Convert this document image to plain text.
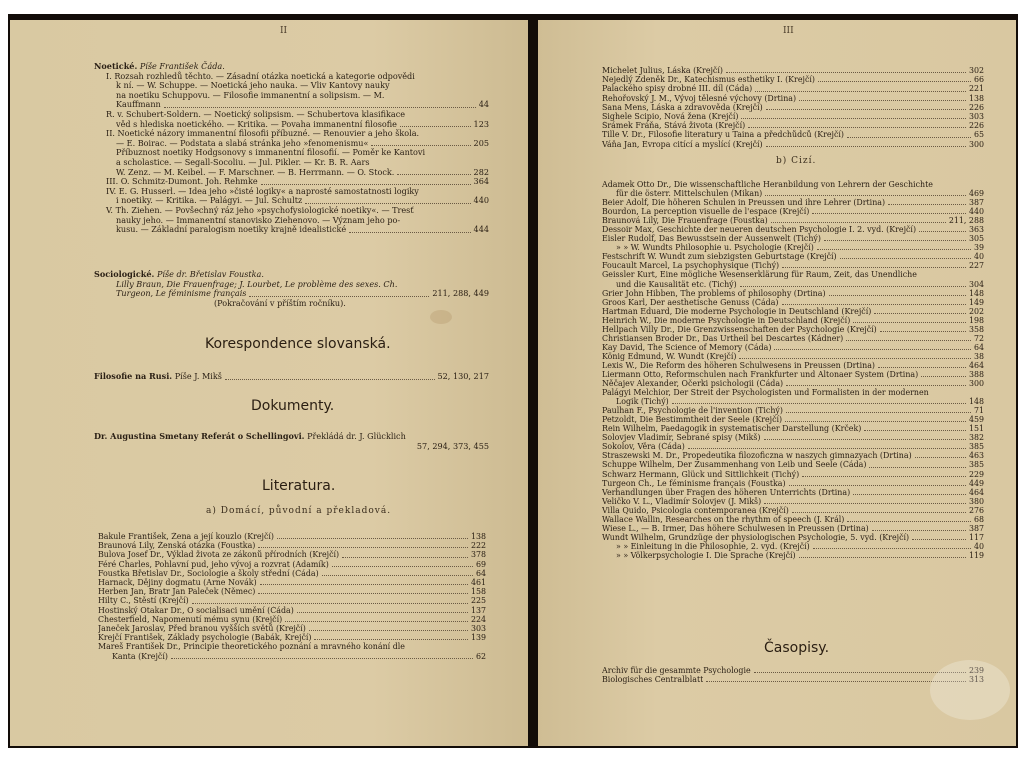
II
Noetické. Píše František Čáda.
I. Rozsah rozhledů těchto. — Zásadní otázka noetická a kategorie odpovědi
k ní. — W. Schuppe. — Noetická jeho nauka. — Vliv Kantovy nauky
na noetiku Schuppovu. — Filosofie immanentní a solipsism. — M.
Kauffmann	44
R. v. Schubert-Soldern. — Noetický solipsism. — Schubertova klasifikace
věd s hlediska noetického. — Kritika. — Povaha immanentní filosofie	123
II. Noetické názory immanentní filosofii příbuzné. — Renouvier a jeho škola.
— E. Boirac. — Podstata a slabá stránka jeho »fenomenismu«	205
Příbuznost noetiky Hodgsonovy s immanentní filosofií. — Poměr ke Kantovi
a scholastice. — Segall-Socoliu. — Jul. Pikler. — Kr. B. R. Aars
W. Zenz. — M. Keibel. — F. Marschner. — B. Herrmann. — O. Stock.	282
III. O. Schmitz-Dumont. Joh. Rehmke	364
IV. E. G. Husserl. — Idea jeho »čisté logiky« a naprosté samostatnosti logiky
i noetiky. — Kritika. — Palágyi. — Jul. Schultz	440
V. Th. Ziehen. — Povšechný ráz jeho »psychofysiologické noetiky«. — Tresť
nauky jeho. — Immanentní stanovisko Ziehenovo. — Význam jeho po-
kusu. — Základní paralogism noetiky krajně idealistické	444
Sociologické. Píše dr. Břetislav Foustka.
Lilly Braun, Die Frauenfrage; J. Lourbet, Le problème des sexes. Ch.
Turgeon, Le féminisme français	211, 288, 449
(Pokračování v příštím ročníku).
Korespondence slovanská.
Filosofie na Rusi. Píše J. Mikš	52, 130, 217
Dokumenty.
Dr. Augustina Smetany Referát o Schellingovi. Překládá dr. J. Glücklich
57, 294, 373, 455
Literatura.
a) Domácí, původní a překladová.
Bakule František, Žena a její kouzlo (Krejčí)	138
Braunová Lily, Ženská otázka (Foustka)	222
Bulova Josef Dr., Výklad života ze zákonů přírodních (Krejčí)	378
Féré Charles, Pohlavní pud, jeho vývoj a rozvrat (Adamík)	69
Foustka Břetislav Dr., Sociologie a školy střední (Čáda)	64
Harnack, Dějiny dogmatu (Arne Novák)	461
Herben Jan, Bratr Jan Paleček (Němec)	158
Hilty C., Štěstí (Krejčí)	225
Hostinský Otakar Dr., O socialisaci umění (Čáda)	137
Chesterfield, Napomenutí mému synu (Krejčí)	224
Janeček Jaroslav, Před branou vyšších světů (Krejčí)	303
Krejčí František, Základy psychologie (Babák, Krejčí)	139
Mareš František Dr., Principie theoretického poznání a mravného konání dle
Kanta (Krejčí)	62
III
Michelet Julius, Láska (Krejčí)	302
Nejedlý Zdeněk Dr., Katechismus esthetiky I. (Krejčí)	66
Palackého spisy drobné III. díl (Čáda)	221
Řehořovský J. M., Vývoj tělesné výchovy (Drtina)	138
Sana Mens, Láska a zdravověda (Krejčí)	226
Sighele Scipio, Nová žena (Krejčí)	303
Šrámek Fráňa, Stává života (Krejčí)	226
Tille V. Dr., Filosofie literatury u Taina a předchůdců (Krejčí)	65
Váňa Jan, Evropa citící a myslící (Krejčí)	300
b) Cizí.
Adamek Otto Dr., Die wissenschaftliche Heranbildung von Lehrern der Geschichte
für die österr. Mittelschulen (Mikan)	469
Beier Adolf, Die höheren Schulen in Preussen und ihre Lehrer (Drtina)	387
Bourdon, La perception visuelle de l'espace (Krejčí)	440
Braunová Lily, Die Frauenfrage (Foustka)	211, 288
Dessoir Max, Geschichte der neueren deutschen Psychologie I. 2. vyd. (Krejčí)	363
Eisler Rudolf, Das Bewusstsein der Aussenwelt (Tichý)	305
» » W. Wundts Philosophie u. Psychologie (Krejčí)	39
Festschrift W. Wundt zum siebzigsten Geburtstage (Krejčí)	40
Foucault Marcel, La psychophysique (Tichý)	227
Geissler Kurt, Eine mögliche Wesenserklärung für Raum, Zeit, das Unendliche
und die Kausalität etc. (Tichý)	304
Grier John Hibben, The problems of philosophy (Drtina)	148
Groos Karl, Der aesthetische Genuss (Čáda)	149
Hartman Eduard, Die moderne Psychologie in Deutschland (Krejčí)	202
Heinrich W., Die moderne Psychologie in Deutschland (Krejčí)	198
Hellpach Villy Dr., Die Grenzwissenschaften der Psychologie (Krejčí)	358
Christiansen Broder Dr., Das Urtheil bei Descartes (Kádner)	72
Kay David, The Science of Memory (Čáda)	64
König Edmund, W. Wundt (Krejčí)	38
Lexis W., Die Reform des höheren Schulwesens in Preussen (Drtina)	464
Liermann Otto, Reformschulen nach Frankfurter und Altonaer System (Drtina)	388
Něčajev Alexander, Očerki psichologii (Čáda)	300
Palágyi Melchior, Der Streit der Psychologisten und Formalisten in der modernen
Logik (Tichý)	148
Paulhan F., Psychologie de l'invention (Tichý)	71
Petzoldt, Die Bestimmtheit der Seele (Krejčí)	459
Rein Wilhelm, Paedagogik in systematischer Darstellung (Krček)	151
Solovjev Vladimír, Sebrané spisy (Mikš)	382
Sokolov, Věra (Čáda)	385
Straszewski M. Dr., Propedeutika filozoficzna w naszych gimnazyach (Drtina)	463
Schuppe Wilhelm, Der Zusammenhang von Leib und Seele (Čáda)	385
Schwarz Hermann, Glück und Sittlichkeit (Tichý)	229
Turgeon Ch., Le féminisme français (Foustka)	449
Verhandlungen über Fragen des höheren Unterrichts (Drtina)	464
Veličko V. L., Vladimír Solovjev (J. Mikš)	380
Villa Quido, Psicologia contemporanea (Krejčí)	276
Wallace Wallin, Researches on the rhythm of speech (J. Král)	68
Wiese L., — B. Irmer, Das höhere Schulwesen in Preussen (Drtina)	387
Wundt Wilhelm, Grundzüge der physiologischen Psychologie, 5. vyd. (Krejčí)	117
» » Einleitung in die Philosophie, 2. vyd. (Krejčí)	40
» » Völkerpsychologie I. Die Sprache (Krejčí)	119
Časopisy.
Archiv für die gesammte Psychologie	239
Biologisches Centralblatt	313
